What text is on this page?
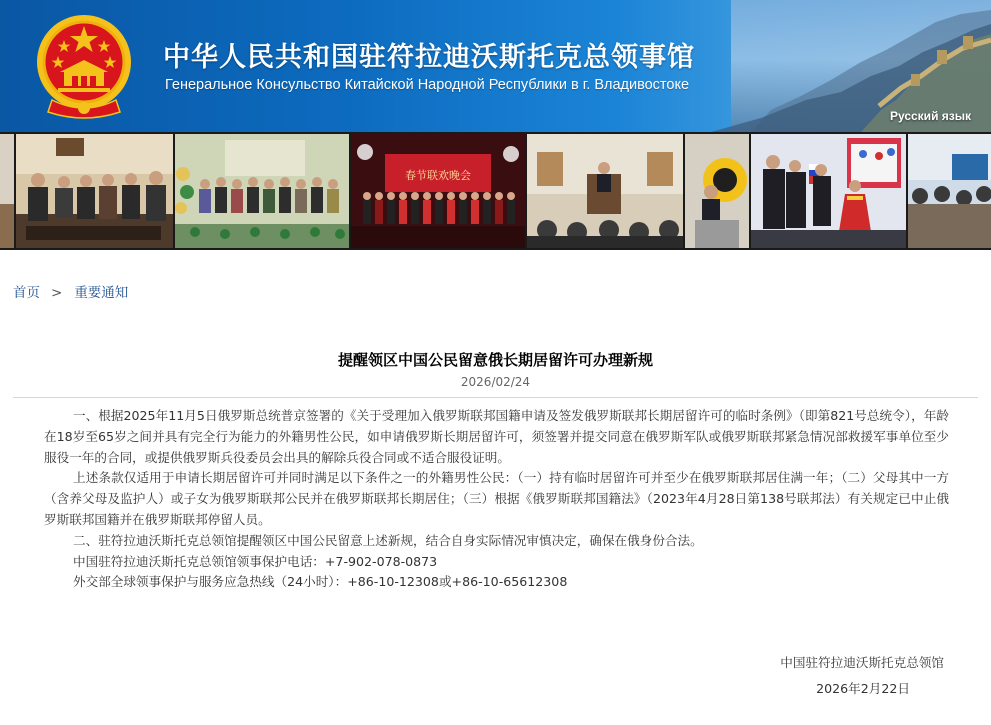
中华人民共和国驻符拉迪沃斯托克总领事馆
Генеральное Консульство Китайской Народной Республики в г. Владивостоке
Русский язык
春节联欢晚会
首页 > 重要通知
提醒领区中国公民留意俄长期居留许可办理新规
2026/02/24

一、根据2025年11月5日俄罗斯总统普京签署的《关于受理加入俄罗斯联邦国籍申请及签发俄罗斯联邦长期居留许可的临时条例》（即第821号总统令），年龄在18岁至65岁之间并具有完全行为能力的外籍男性公民，如申请俄罗斯长期居留许可，须签署并提交同意在俄罗斯军队或俄罗斯联邦紧急情况部救援军事单位至少服役一年的合同，或提供俄罗斯兵役委员会出具的解除兵役合同或不适合服役证明。

上述条款仅适用于申请长期居留许可并同时满足以下条件之一的外籍男性公民：（一）持有临时居留许可并至少在俄罗斯联邦居住满一年；（二）父母其中一方（含养父母及监护人）或子女为俄罗斯联邦公民并在俄罗斯联邦长期居住；（三）根据《俄罗斯联邦国籍法》（2023年4月28日第138号联邦法）有关规定已中止俄罗斯联邦国籍并在俄罗斯联邦停留人员。

二、驻符拉迪沃斯托克总领馆提醒领区中国公民留意上述新规，结合自身实际情况审慎决定，确保在俄身份合法。

中国驻符拉迪沃斯托克总领馆领事保护电话：+7-902-078-0873

外交部全球领事保护与服务应急热线（24小时）：+86-10-12308或+86-10-65612308

中国驻符拉迪沃斯托克总领馆
2026年2月22日
